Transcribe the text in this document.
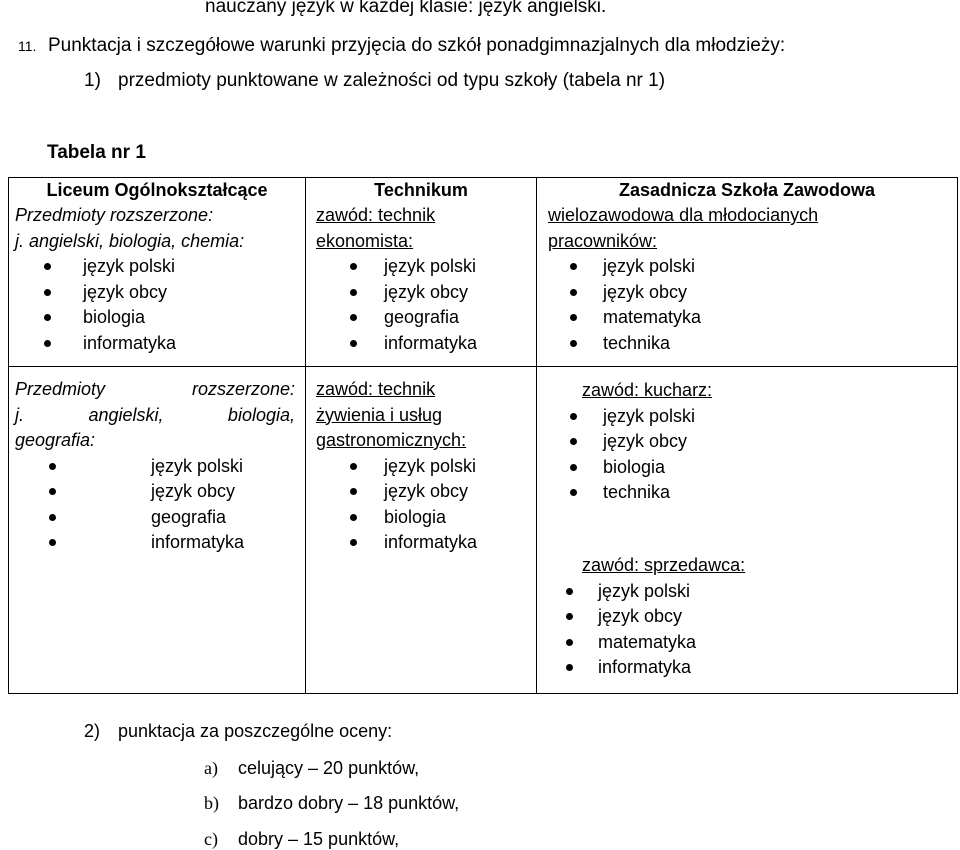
nauczany język w każdej klasie: język angielski.
11. Punktacja i szczegółowe warunki przyjęcia do szkół ponadgimnazjalnych dla młodzieży:
1) przedmioty punktowane w zależności od typu szkoły (tabela nr 1)
Tabela nr 1
Liceum Ogólnokształcące	Technikum	Zasadnicza Szkoła Zawodowa
Przedmioty rozszerzone:
j. angielski, biologia, chemia:
język polski
język obcy
biologia
informatyka
zawód: technik
ekonomista:
język polski
język obcy
geografia
informatyka
wielozawodowa dla młodocianych
pracowników:
język polski
język obcy
matematyka
technika
Przedmioty rozszerzone:
j. angielski, biologia,
geografia:
język polski
język obcy
geografia
informatyka
zawód: technik
żywienia i usług
gastronomicznych:
język polski
język obcy
biologia
informatyka
zawód: kucharz:
język polski
język obcy
biologia
technika
zawód: sprzedawca:
język polski
język obcy
matematyka
informatyka
2) punktacja za poszczególne oceny:
a) celujący – 20 punktów,
b) bardzo dobry – 18 punktów,
c) dobry – 15 punktów,
